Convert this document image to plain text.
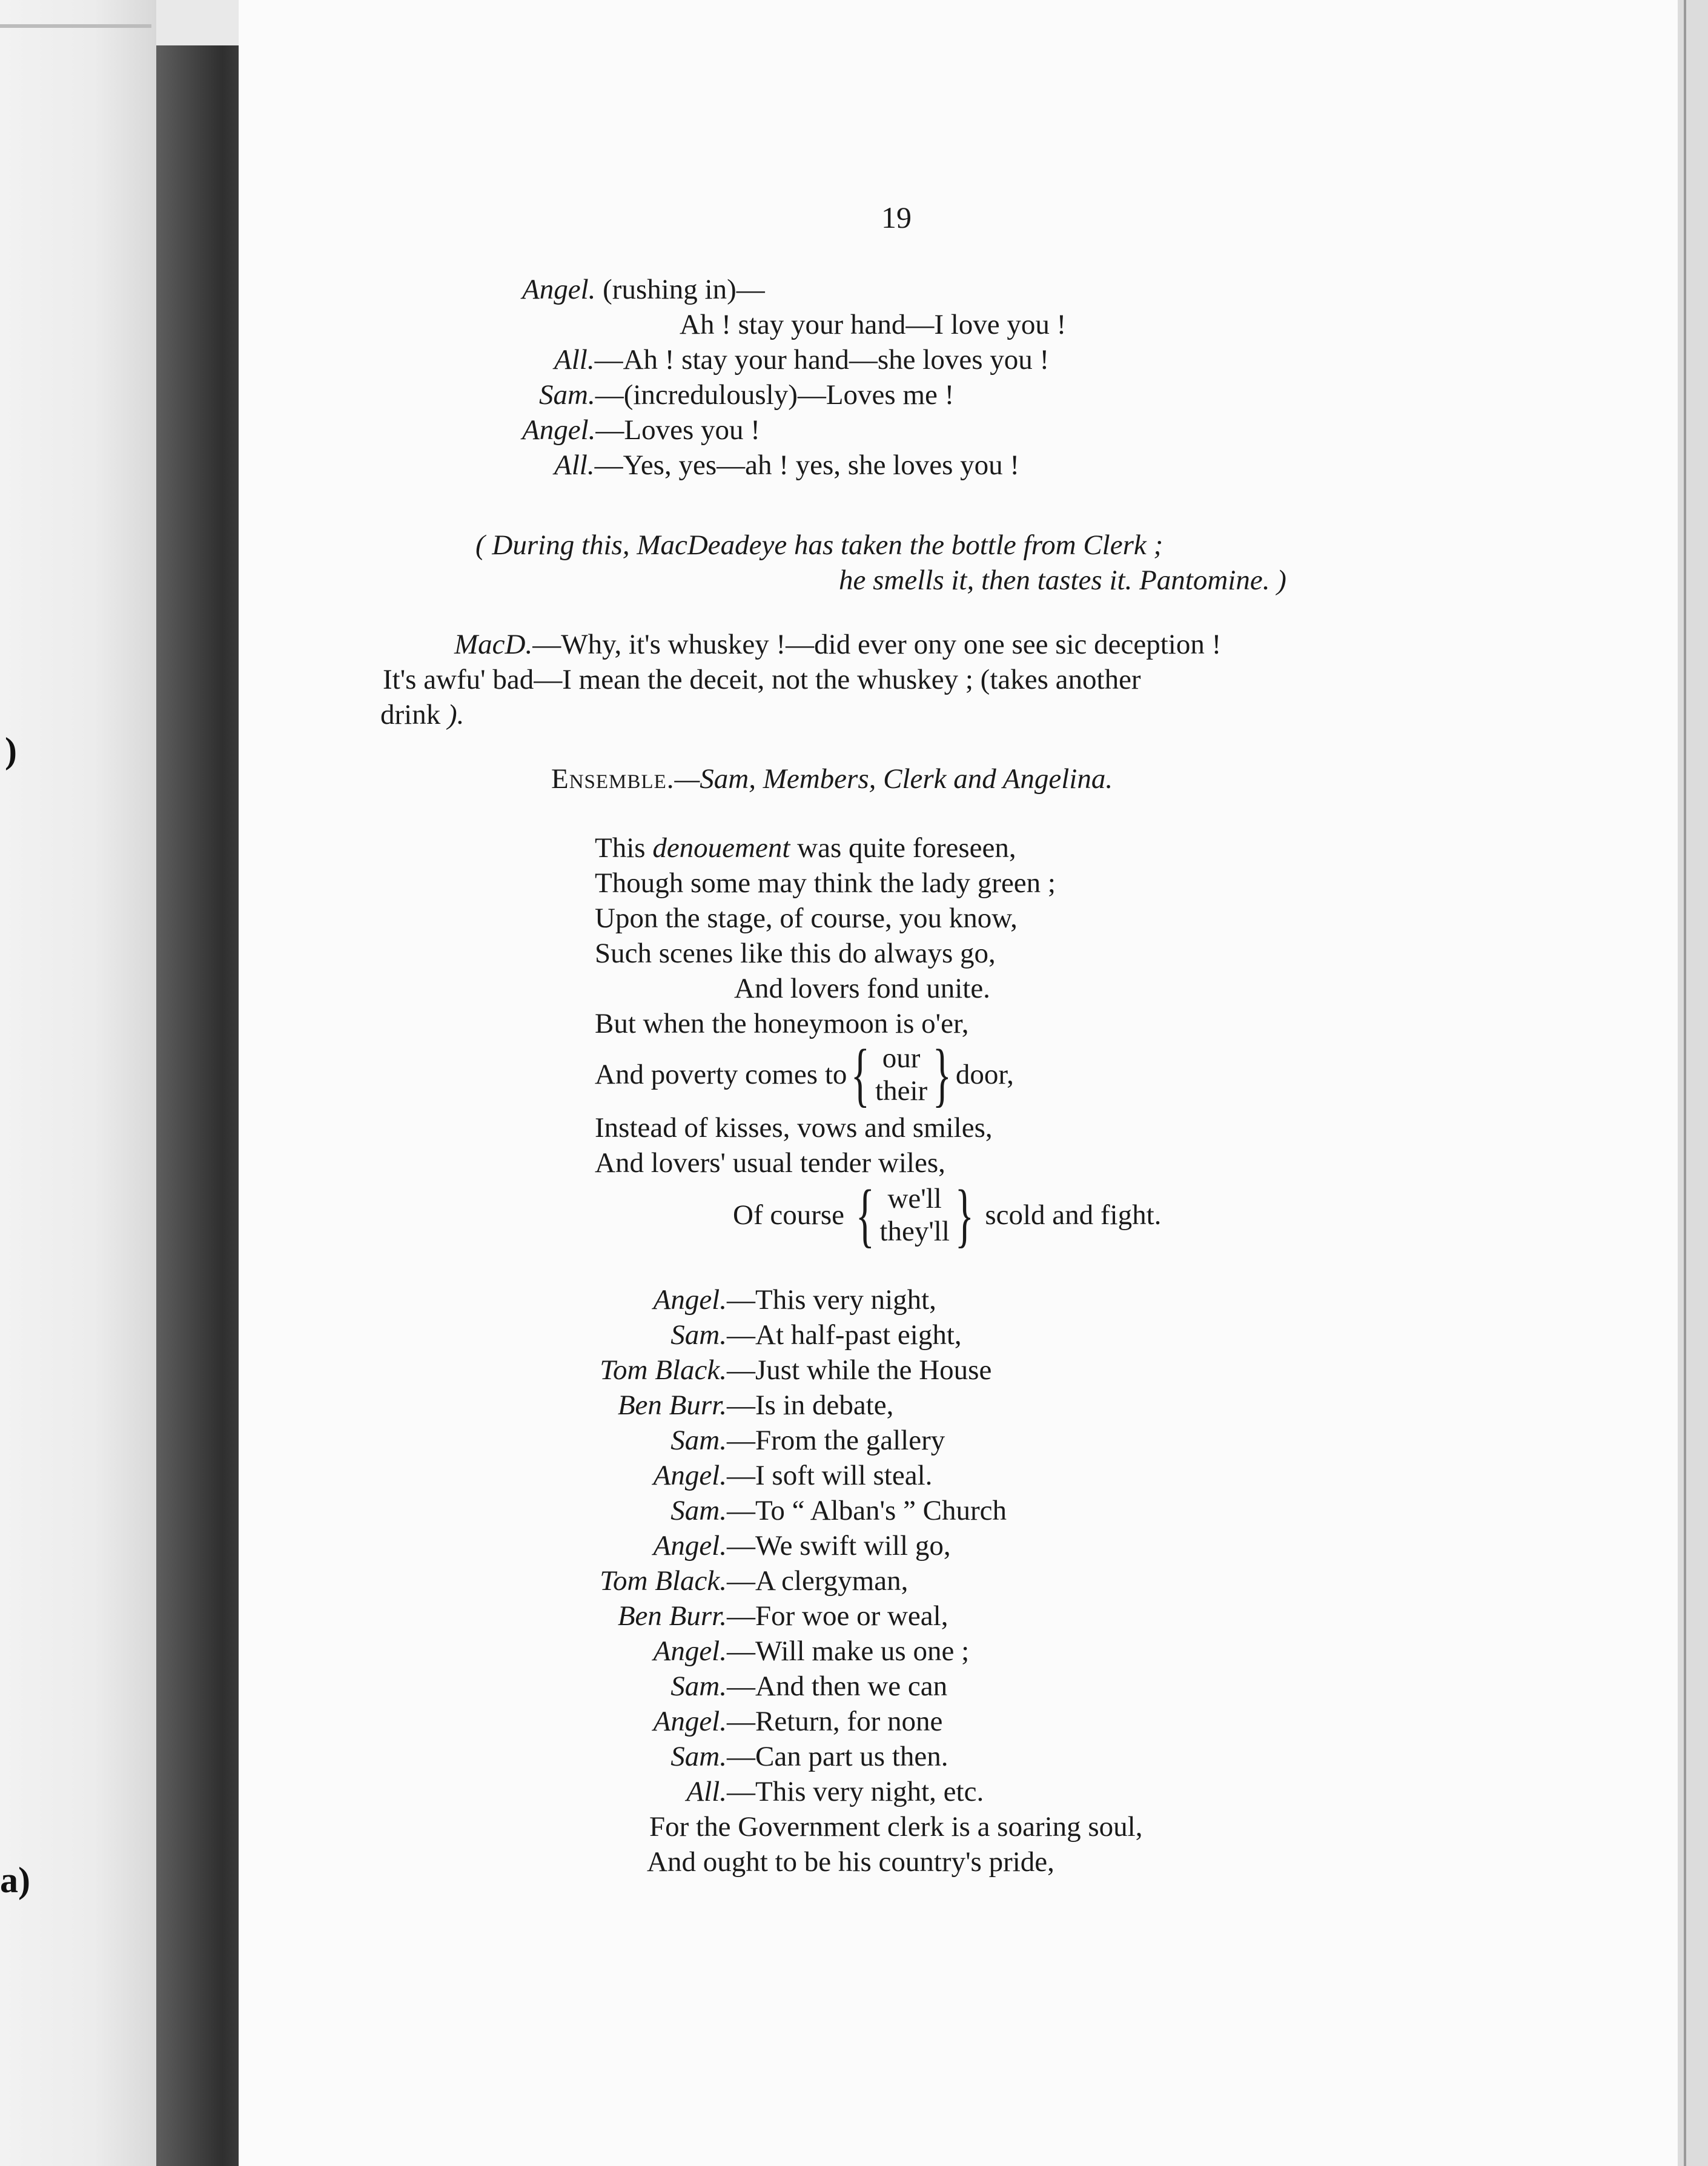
)
a)
19
Angel. (rushing in)—
Ah ! stay your hand—I love you !
All.—Ah ! stay your hand—she loves you !
Sam.—(incredulously)—Loves me !
Angel.—Loves you !
All.—Yes, yes—ah ! yes, she loves you !
( During this, MacDeadeye has taken the bottle from Clerk ;
he smells it, then tastes it. Pantomine. )
MacD.—Why, it's whuskey !—did ever ony one see sic deception !
It's awfu' bad—I mean the deceit, not the whuskey ; (takes another
drink ).
Ensemble.—Sam, Members, Clerk and Angelina.
This denouement was quite foreseen,
Though some may think the lady green ;
Upon the stage, of course, you know,
Such scenes like this do always go,
And lovers fond unite.
But when the honeymoon is o'er,
And poverty comes to { our
their } door,
Instead of kisses, vows and smiles,
And lovers' usual tender wiles,
Of course
{ we'll
they'll }
scold and fight.
Angel. —This very night,
Sam. —At half-past eight,
Tom Black. —Just while the House
Ben Burr. —Is in debate,
Sam. —From the gallery
Angel. —I soft will steal.
Sam. —To “ Alban's ” Church
Angel. —We swift will go,
Tom Black. —A clergyman,
Ben Burr. —For woe or weal,
Angel. —Will make us one ;
Sam. —And then we can
Angel. —Return, for none
Sam. —Can part us then.
All. —This very night, etc.
For the Government clerk is a soaring soul,
And ought to be his country's pride,
